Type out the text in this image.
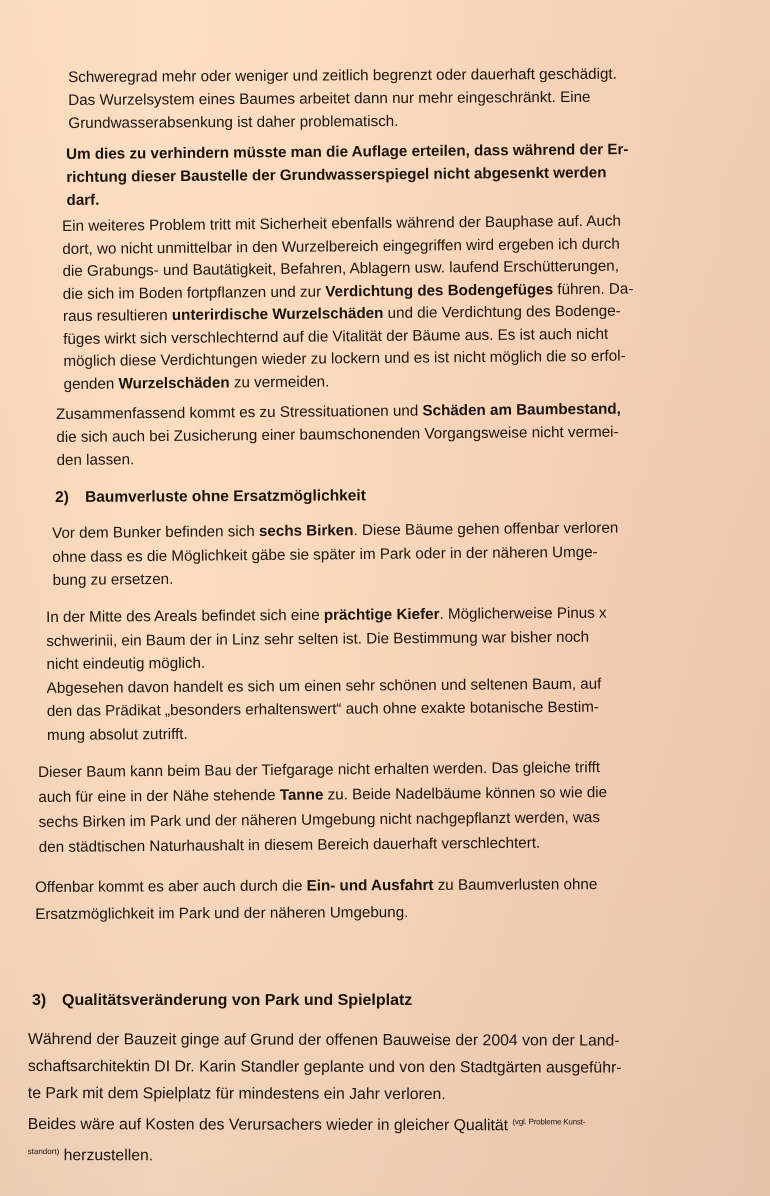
Schweregrad mehr oder weniger und zeitlich begrenzt oder dauerhaft geschädigt.
Das Wurzelsystem eines Baumes arbeitet dann nur mehr eingeschränkt. Eine
Grundwasserabsenkung ist daher problematisch.
Um dies zu verhindern müsste man die Auflage erteilen, dass während der Er-
richtung dieser Baustelle der Grundwasserspiegel nicht abgesenkt werden
darf.
Ein weiteres Problem tritt mit Sicherheit ebenfalls während der Bauphase auf. Auch
dort, wo nicht unmittelbar in den Wurzelbereich eingegriffen wird ergeben ich durch
die Grabungs- und Bautätigkeit, Befahren, Ablagern usw. laufend Erschütterungen,
die sich im Boden fortpflanzen und zur Verdichtung des Bodengefüges führen. Da-
raus resultieren unterirdische Wurzelschäden und die Verdichtung des Bodenge-
füges wirkt sich verschlechternd auf die Vitalität der Bäume aus. Es ist auch nicht
möglich diese Verdichtungen wieder zu lockern und es ist nicht möglich die so erfol-
genden Wurzelschäden zu vermeiden.
Zusammenfassend kommt es zu Stressituationen und Schäden am Baumbestand,
die sich auch bei Zusicherung einer baumschonenden Vorgangsweise nicht vermei-
den lassen.
2) Baumverluste ohne Ersatzmöglichkeit
Vor dem Bunker befinden sich sechs Birken. Diese Bäume gehen offenbar verloren
ohne dass es die Möglichkeit gäbe sie später im Park oder in der näheren Umge-
bung zu ersetzen.
In der Mitte des Areals befindet sich eine prächtige Kiefer. Möglicherweise Pinus x
schwerinii, ein Baum der in Linz sehr selten ist. Die Bestimmung war bisher noch
nicht eindeutig möglich.
Abgesehen davon handelt es sich um einen sehr schönen und seltenen Baum, auf
den das Prädikat „besonders erhaltenswert“ auch ohne exakte botanische Bestim-
mung absolut zutrifft.
Dieser Baum kann beim Bau der Tiefgarage nicht erhalten werden. Das gleiche trifft
auch für eine in der Nähe stehende Tanne zu. Beide Nadelbäume können so wie die
sechs Birken im Park und der näheren Umgebung nicht nachgepflanzt werden, was
den städtischen Naturhaushalt in diesem Bereich dauerhaft verschlechtert.
Offenbar kommt es aber auch durch die Ein- und Ausfahrt zu Baumverlusten ohne
Ersatzmöglichkeit im Park und der näheren Umgebung.
3) Qualitätsveränderung von Park und Spielplatz
Während der Bauzeit ginge auf Grund der offenen Bauweise der 2004 von der Land-
schaftsarchitektin DI Dr. Karin Standler geplante und von den Stadtgärten ausgeführ-
te Park mit dem Spielplatz für mindestens ein Jahr verloren.
Beides wäre auf Kosten des Verursachers wieder in gleicher Qualität $^{(vgl. Probleme Kunst-}$
$^{standort)}$ herzustellen.
